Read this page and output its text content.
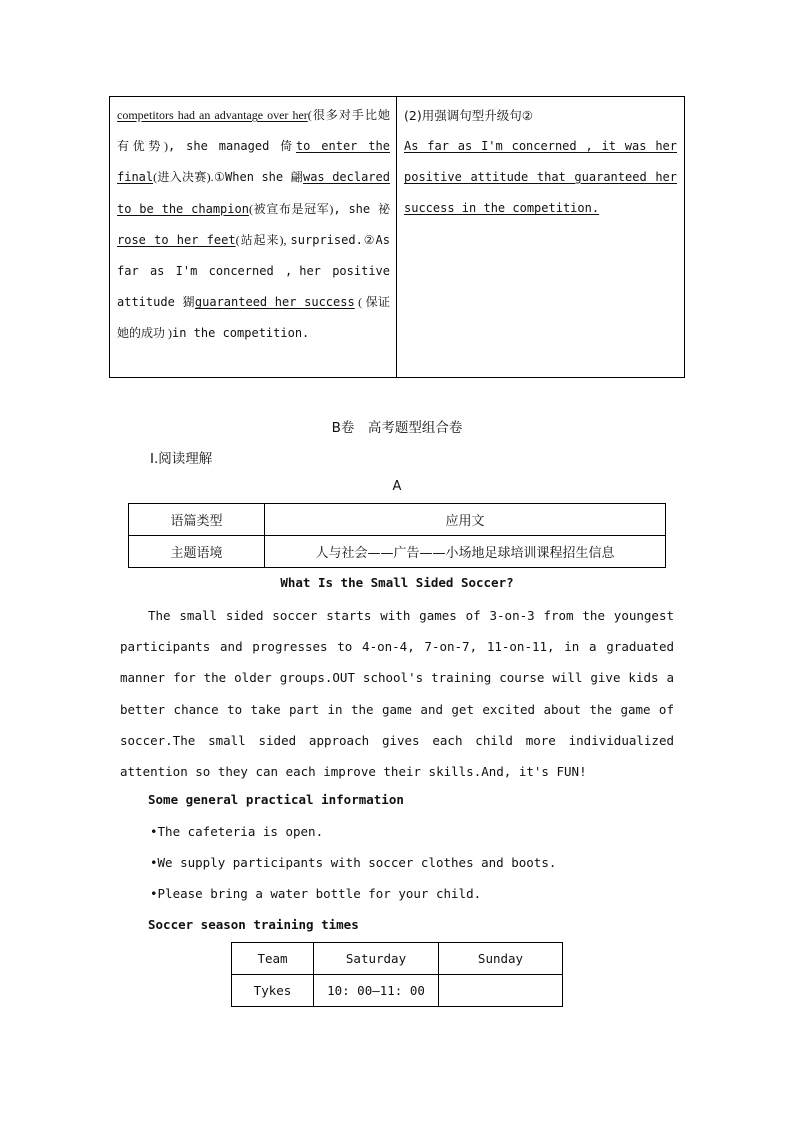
competitors had an advantage over her(很多对手比她有优势), she managed 倚to enter the final(进入决赛).①When she 翩was declared to be the champion(被宣布是冠军), she 祕rose to her feet(站起来), surprised.②As far as I'm concerned , her positive attitude 猢guaranteed her success ( 保证她的成功 )in the competition.
(2)用强调句型升级句②
As far as I'm concerned , it was her positive attitude that guaranteed her success in the competition.
B卷　高考题型组合卷
Ⅰ.阅读理解
A
语篇类型	应用文
主题语境	人与社会——广告——小场地足球培训课程招生信息
What Is the Small Sided Soccer?
The small sided soccer starts with games of 3-on-3 from the youngest participants and progresses to 4-on-4, 7-on-7, 11-on-11, in a graduated manner for the older groups.OUT school's training course will give kids a better chance to take part in the game and get excited about the game of soccer.The small sided approach gives each child more individualized attention so they can each improve their skills.And, it's FUN!
Some general practical information
•The cafeteria is open.
•We supply participants with soccer clothes and boots.
•Please bring a water bottle for your child.
Soccer season training times
Team	Saturday	Sunday
Tykes	10: 00—11: 00	
